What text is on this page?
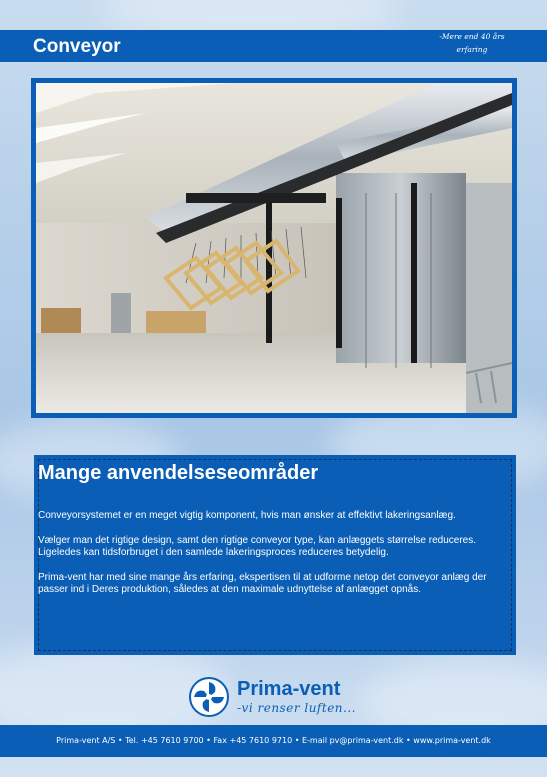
Conveyor	-Mere end 40 års erfaring
Mange anvendelseseområder

Conveyorsystemet er en meget vigtig komponent, hvis man ønsker at effektivt lakeringsanlæg.

Vælger man det rigtige design, samt den rigtige conveyor type, kan anlæggets størrelse reduceres. Ligeledes kan tidsforbruget i den samlede lakeringsproces reduceres betydelig.

Prima-vent har med sine mange års erfaring, ekspertisen til at udforme netop det conveyor anlæg der passer ind i Deres produktion, således at den maximale udnyttelse af anlægget opnås.

Prima-vent
-vi renser luften...
Prima-vent A/S • Tel. +45 7610 9700 • Fax +45 7610 9710 • E-mail pv@prima-vent.dk • www.prima-vent.dk
